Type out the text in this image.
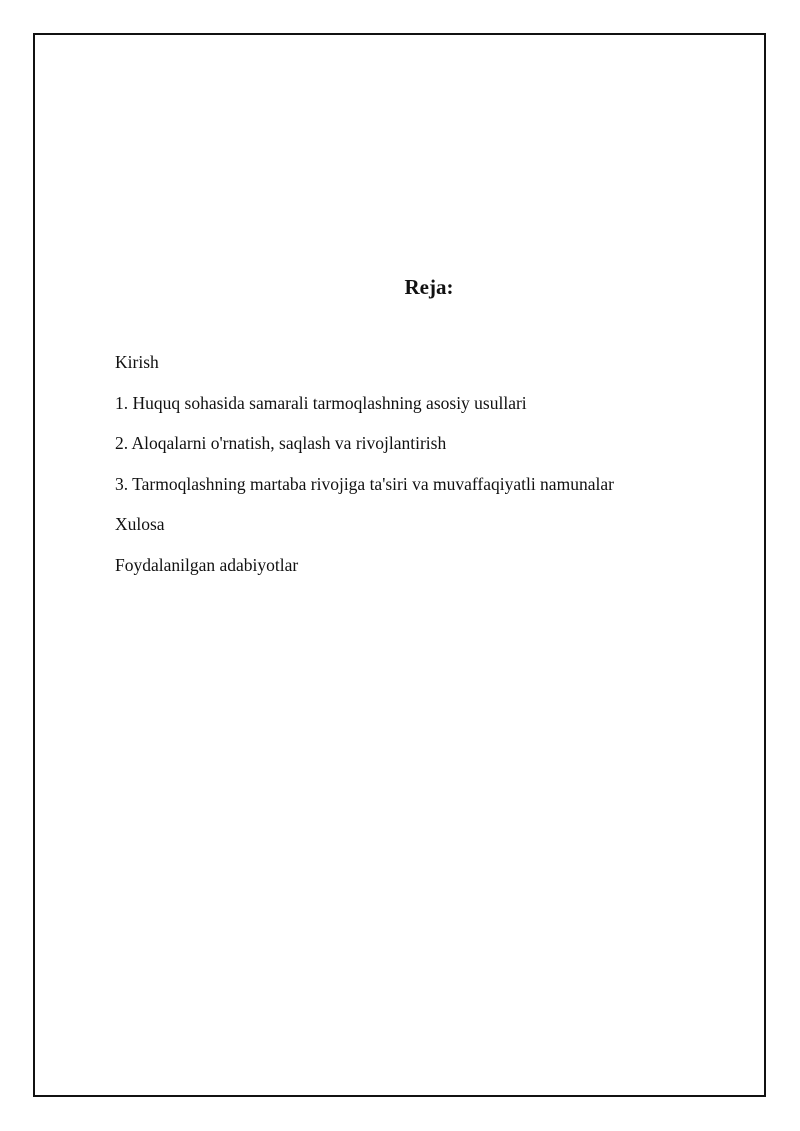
Reja:
Kirish
1. Huquq sohasida samarali tarmoqlashning asosiy usullari
2. Aloqalarni o'rnatish, saqlash va rivojlantirish
3. Tarmoqlashning martaba rivojiga ta'siri va muvaffaqiyatli namunalar
Xulosa
Foydalanilgan adabiyotlar
